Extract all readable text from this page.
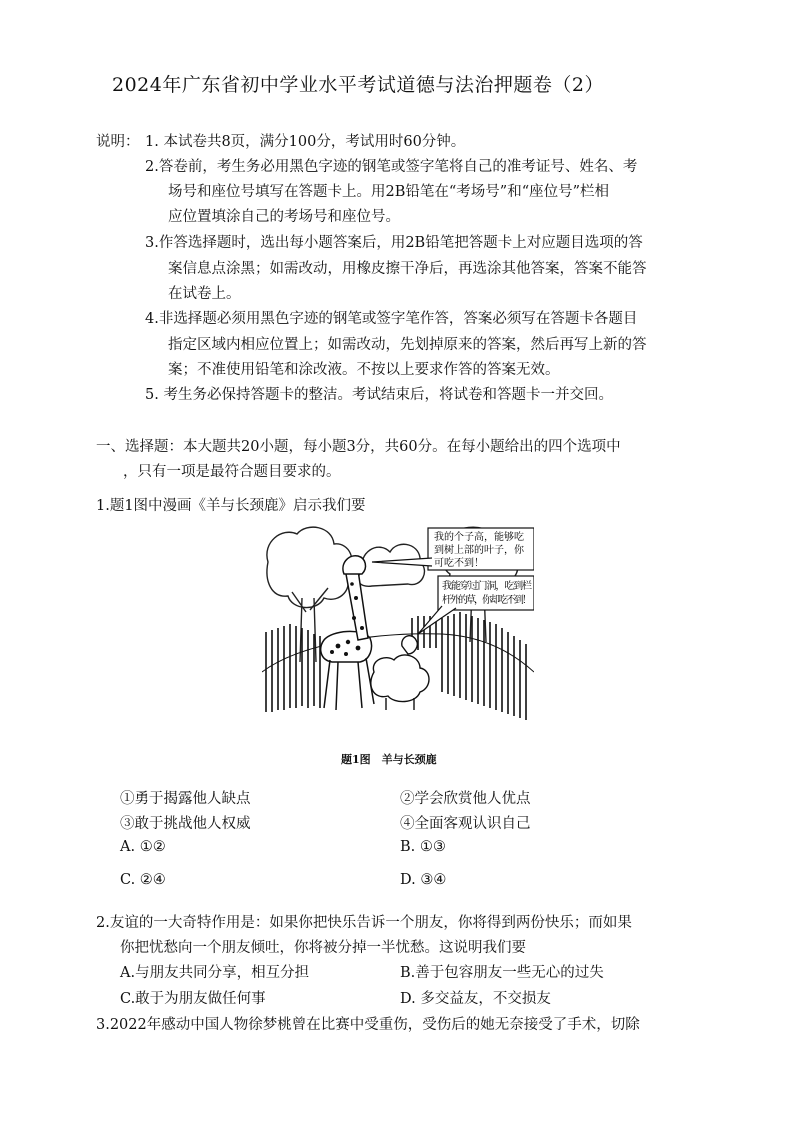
2024年广东省初中学业水平考试道德与法治押题卷（2）
说明： 1. 本试卷共8页，满分100分，考试用时60分钟。
2.答卷前，考生务必用黑色字迹的钢笔或签字笔将自己的准考证号、姓名、考
场号和座位号填写在答题卡上。用2B铅笔在“考场号”和“座位号”栏相
应位置填涂自己的考场号和座位号。
3.作答选择题时，选出每小题答案后，用2B铅笔把答题卡上对应题目选项的答
案信息点涂黑；如需改动，用橡皮擦干净后，再选涂其他答案，答案不能答
在试卷上。
4.非选择题必须用黑色字迹的钢笔或签字笔作答，答案必须写在答题卡各题目
指定区域内相应位置上；如需改动，先划掉原来的答案，然后再写上新的答
案；不准使用铅笔和涂改液。不按以上要求作答的答案无效。
5. 考生务必保持答题卡的整洁。考试结束后，将试卷和答题卡一并交回。
一、选择题：本大题共20小题，每小题3分，共60分。在每小题给出的四个选项中
，只有一项是最符合题目要求的。
1.题1图中漫画《羊与长颈鹿》启示我们要
我的个子高，能够吃
到树上部的叶子，你
可吃不到！
我能穿过门洞，吃到栏
杆外的草，你却吃不到！
题1图　羊与长颈鹿
①勇于揭露他人缺点	②学会欣赏他人优点
③敢于挑战他人权威	④全面客观认识自己
A. ①②	B. ①③
C. ②④	D. ③④
2.友谊的一大奇特作用是：如果你把快乐告诉一个朋友，你将得到两份快乐；而如果
你把忧愁向一个朋友倾吐，你将被分掉一半忧愁。这说明我们要
A.与朋友共同分享，相互分担	B.善于包容朋友一些无心的过失
C.敢于为朋友做任何事	D. 多交益友，不交损友
3.2022年感动中国人物徐梦桃曾在比赛中受重伤，受伤后的她无奈接受了手术，切除
